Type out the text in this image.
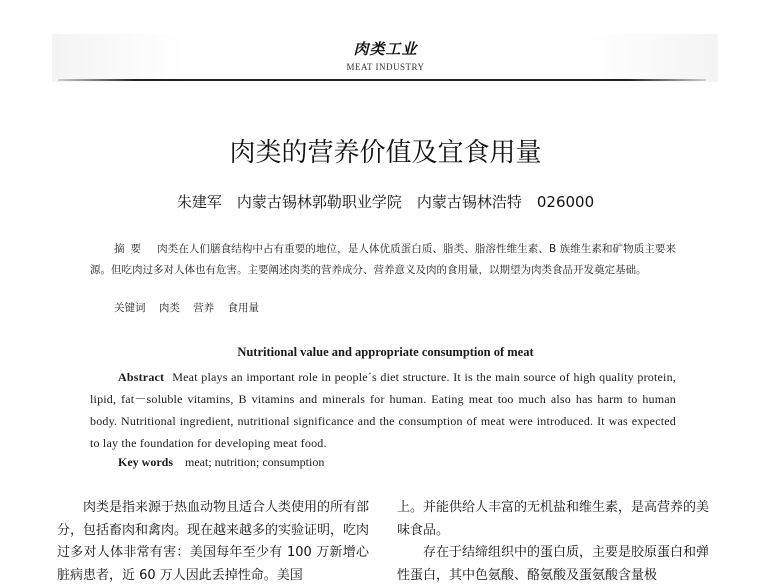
肉类工业
MEAT INDUSTRY
肉类的营养价值及宜食用量
朱建军　内蒙古锡林郭勒职业学院　内蒙古锡林浩特　026000
摘要 肉类在人们膳食结构中占有重要的地位，是人体优质蛋白质、脂类、脂溶性维生素、B 族维生素和矿物质主要来源。但吃肉过多对人体也有危害。主要阐述肉类的营养成分、营养意义及肉的食用量，以期望为肉类食品开发奠定基础。
关键词 肉类 营养 食用量
Nutritional value and appropriate consumption of meat
Abstract Meat plays an important role in people´s diet structure. It is the main source of high quality protein, lipid, fat－soluble vitamins, B vitamins and minerals for human. Eating meat too much also has harm to human body. Nutritional ingredient, nutritional significance and the consumption of meat were introduced. It was expected to lay the foundation for developing meat food.
Key words meat; nutrition; consumption

肉类是指来源于热血动物且适合人类使用的所有部分，包括畜肉和禽肉。现在越来越多的实验证明，吃肉过多对人体非常有害：美国每年至少有 100 万新增心脏病患者，近 60 万人因此丢掉性命。美国

上。并能供给人丰富的无机盐和维生素，是高营养的美味食品。

存在于结缔组织中的蛋白质，主要是胶原蛋白和弹性蛋白，其中色氨酸、酪氨酸及蛋氨酸含量极
